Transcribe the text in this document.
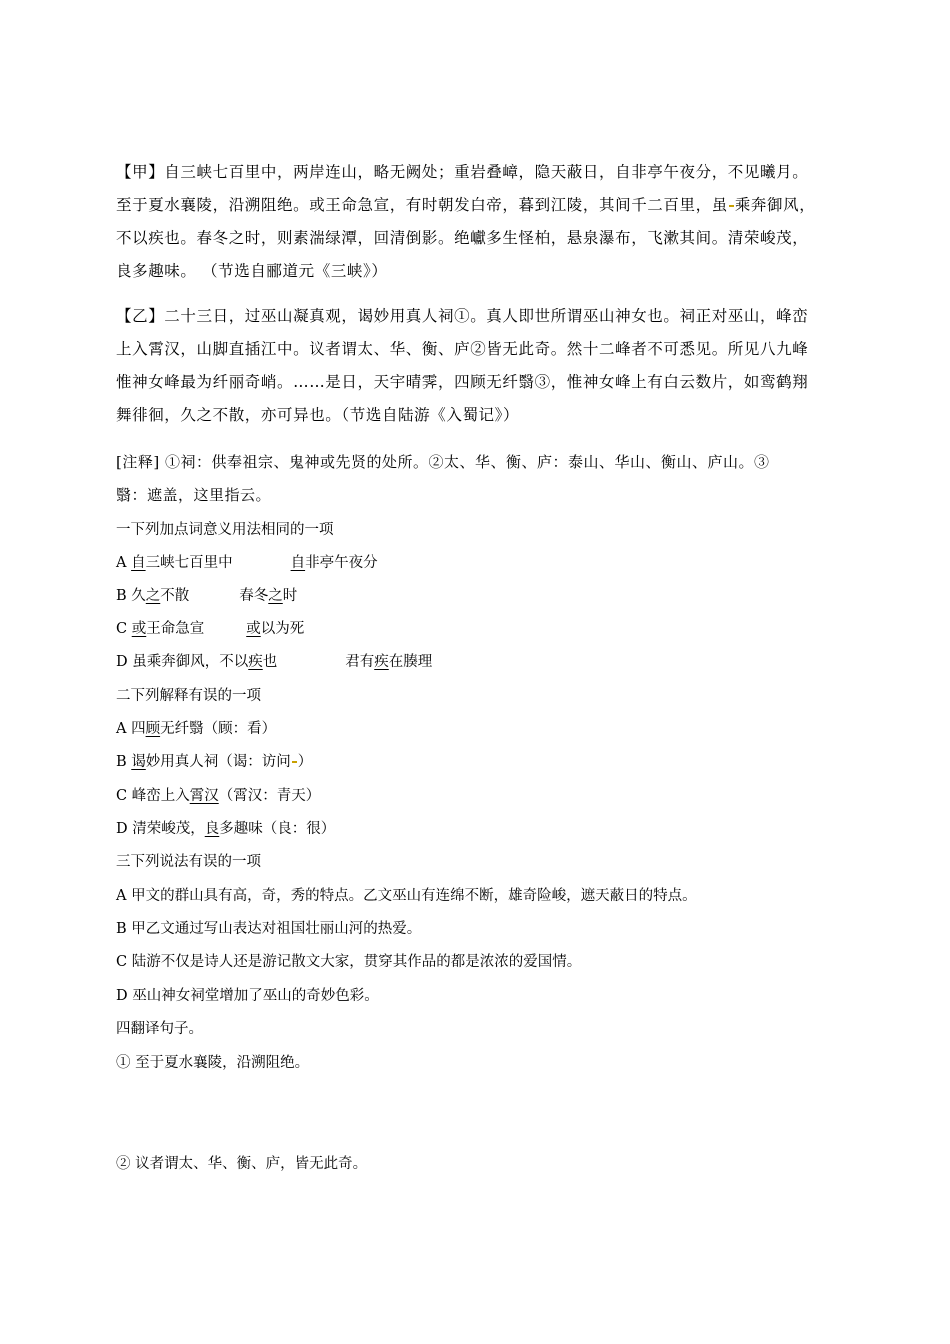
【甲】自三峡七百里中，两岸连山，略无阙处；重岩叠嶂，隐天蔽日，自非亭午夜分，不见曦月。

至于夏水襄陵，沿溯阻绝。或王命急宣，有时朝发白帝，暮到江陵，其间千二百里，虽 乘奔御风，

不以疾也。春冬之时，则素湍绿潭，回清倒影。绝巘多生怪柏，悬泉瀑布，飞漱其间。清荣峻茂，

良多趣味。 （节选自郦道元《三峡》）

【乙】二十三日，过巫山凝真观，谒妙用真人祠①。真人即世所谓巫山神女也。祠正对巫山，峰峦

上入霄汉，山脚直插江中。议者谓太、华、衡、庐②皆无此奇。然十二峰者不可悉见。所见八九峰

惟神女峰最为纤丽奇峭。……是日，天宇晴霁，四顾无纤翳③，惟神女峰上有白云数片，如鸾鹤翔

舞徘徊，久之不散，亦可异也。（节选自陆游《入蜀记》）

[注释] ①祠：供奉祖宗、鬼神或先贤的处所。②太、华、衡、庐：泰山、华山、衡山、庐山。③
翳：遮盖，这里指云。
一下列加点词意义用法相同的一项
A 自三峡七百里中	自非亭午夜分
B 久之不散	春冬之时
C 或王命急宣	或以为死
D 虽乘奔御风，不以疾也	君有疾在腠理
二下列解释有误的一项
A 四顾无纤翳（顾：看）
B 谒妙用真人祠（谒：访问 ）
C 峰峦上入霄汉（霄汉：青天）
D 清荣峻茂，良多趣味（良：很）
三下列说法有误的一项
A 甲文的群山具有高，奇，秀的特点。乙文巫山有连绵不断，雄奇险峻，遮天蔽日的特点。
B 甲乙文通过写山表达对祖国壮丽山河的热爱。
C 陆游不仅是诗人还是游记散文大家，贯穿其作品的都是浓浓的爱国情。
D 巫山神女祠堂增加了巫山的奇妙色彩。
四翻译句子。
① 至于夏水襄陵，沿溯阻绝。
② 议者谓太、华、衡、庐，皆无此奇。
